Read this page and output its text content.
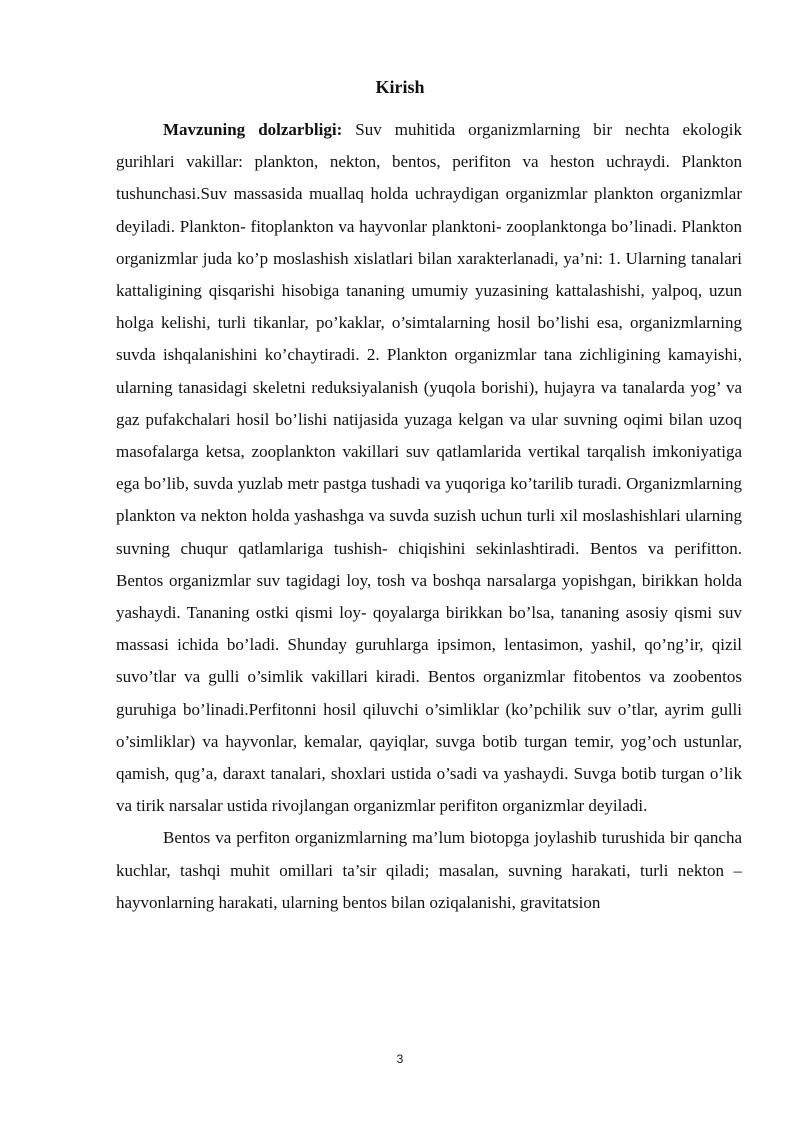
Kirish

Mavzuning dolzarbligi: Suv muhitida organizmlarning bir nechta ekologik gurihlari vakillar: plankton, nekton, bentos, perifiton va heston uchraydi. Plankton tushunchasi.Suv massasida muallaq holda uchraydigan organizmlar plankton organizmlar deyiladi. Plankton- fitoplankton va hayvonlar planktoni- zooplanktonga bo’linadi. Plankton organizmlar juda ko’p moslashish xislatlari bilan xarakterlanadi, ya’ni: 1. Ularning tanalari kattaligining qisqarishi hisobiga tananing umumiy yuzasining kattalashishi, yalpoq, uzun holga kelishi, turli tikanlar, po’kaklar, o’simtalarning hosil bo’lishi esa, organizmlarning suvda ishqalanishini ko’chaytiradi. 2. Plankton organizmlar tana zichligining kamayishi, ularning tanasidagi skeletni reduksiyalanish (yuqola borishi), hujayra va tanalarda yog’ va gaz pufakchalari hosil bo’lishi natijasida yuzaga kelgan va ular suvning oqimi bilan uzoq masofalarga ketsa, zooplankton vakillari suv qatlamlarida vertikal tarqalish imkoniyatiga ega bo’lib, suvda yuzlab metr pastga tushadi va yuqoriga ko’tarilib turadi. Organizmlarning plankton va nekton holda yashashga va suvda suzish uchun turli xil moslashishlari ularning suvning chuqur qatlamlariga tushish- chiqishini sekinlashtiradi. Bentos va perifitton. Bentos organizmlar suv tagidagi loy, tosh va boshqa narsalarga yopishgan, birikkan holda yashaydi. Tananing ostki qismi loy- qoyalarga birikkan bo’lsa, tananing asosiy qismi suv massasi ichida bo’ladi. Shunday guruhlarga ipsimon, lentasimon, yashil, qo’ng’ir, qizil suvo’tlar va gulli o’simlik vakillari kiradi. Bentos organizmlar fitobentos va zoobentos guruhiga bo’linadi.Perfitonni hosil qiluvchi o’simliklar (ko’pchilik suv o’tlar, ayrim gulli o’simliklar) va hayvonlar, kemalar, qayiqlar, suvga botib turgan temir, yog’och ustunlar, qamish, qug’a, daraxt tanalari, shoxlari ustida o’sadi va yashaydi. Suvga botib turgan o’lik va tirik narsalar ustida rivojlangan organizmlar perifiton organizmlar deyiladi.

Bentos va perfiton organizmlarning ma’lum biotopga joylashib turushida bir qancha kuchlar, tashqi muhit omillari ta’sir qiladi; masalan, suvning harakati, turli nekton – hayvonlarning harakati, ularning bentos bilan oziqalanishi, gravitatsion

3
